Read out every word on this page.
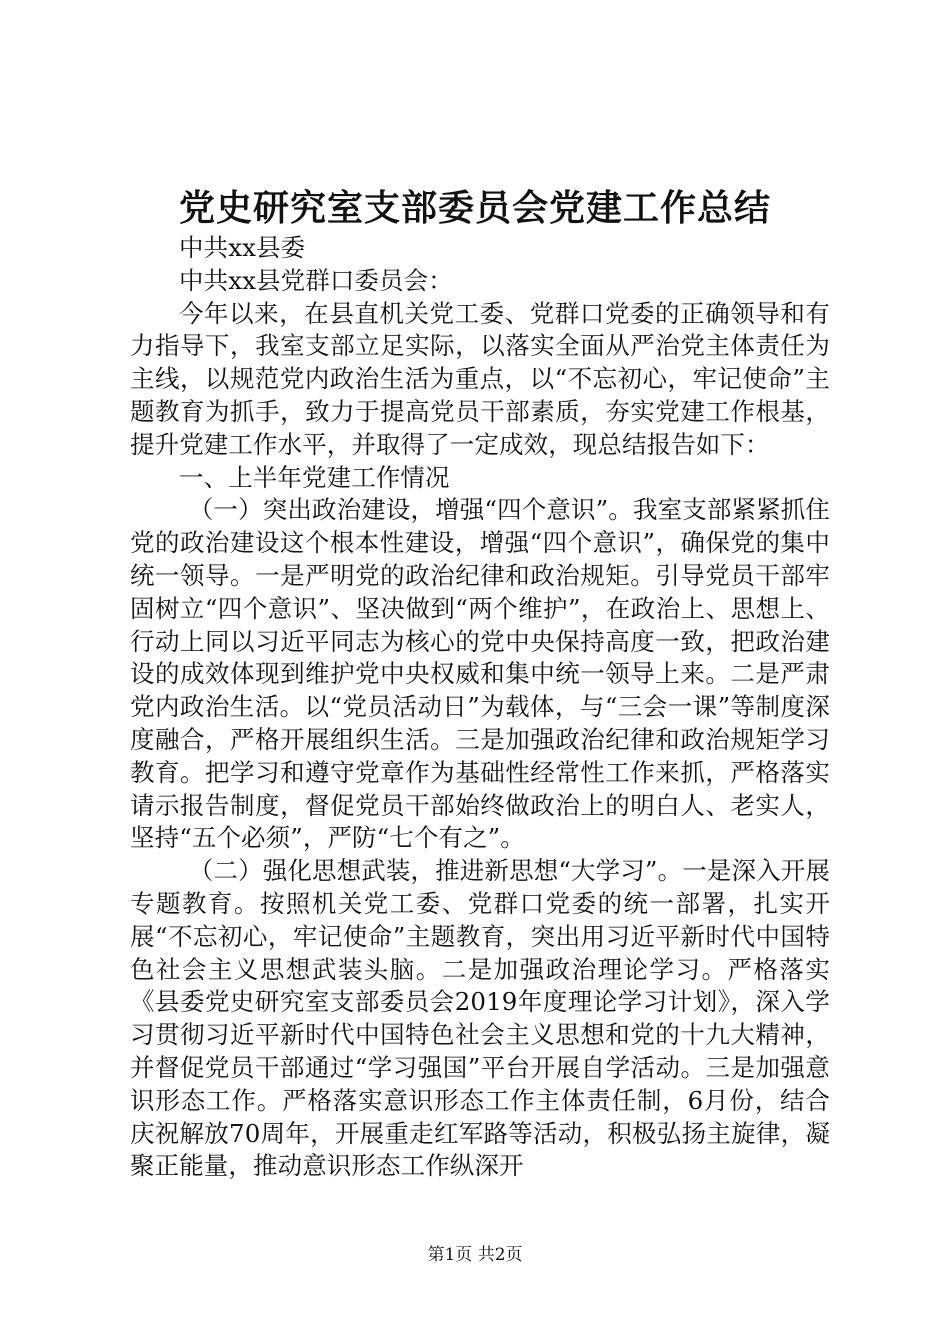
党史研究室支部委员会党建工作总结

中共xx县委

中共xx县党群口委员会：

今年以来，在县直机关党工委、党群口党委的正确领导和有力指导下，我室支部立足实际，以落实全面从严治党主体责任为主线，以规范党内政治生活为重点，以“不忘初心，牢记使命”主题教育为抓手，致力于提高党员干部素质，夯实党建工作根基，提升党建工作水平，并取得了一定成效，现总结报告如下：

一、上半年党建工作情况

（一）突出政治建设，增强“四个意识”。我室支部紧紧抓住党的政治建设这个根本性建设，增强“四个意识”，确保党的集中统一领导。一是严明党的政治纪律和政治规矩。引导党员干部牢固树立“四个意识”、坚决做到“两个维护”，在政治上、思想上、行动上同以习近平同志为核心的党中央保持高度一致，把政治建设的成效体现到维护党中央权威和集中统一领导上来。二是严肃党内政治生活。以“党员活动日”为载体，与“三会一课”等制度深度融合，严格开展组织生活。三是加强政治纪律和政治规矩学习教育。把学习和遵守党章作为基础性经常性工作来抓，严格落实请示报告制度，督促党员干部始终做政治上的明白人、老实人，坚持“五个必须”，严防“七个有之”。

（二）强化思想武装，推进新思想“大学习”。一是深入开展专题教育。按照机关党工委、党群口党委的统一部署，扎实开展“不忘初心，牢记使命”主题教育，突出用习近平新时代中国特色社会主义思想武装头脑。二是加强政治理论学习。严格落实《县委党史研究室支部委员会2019年度理论学习计划》，深入学习贯彻习近平新时代中国特色社会主义思想和党的十九大精神，并督促党员干部通过“学习强国”平台开展自学活动。三是加强意识形态工作。严格落实意识形态工作主体责任制，6月份，结合庆祝解放70周年，开展重走红军路等活动，积极弘扬主旋律，凝聚正能量，推动意识形态工作纵深开

第1页 共2页
